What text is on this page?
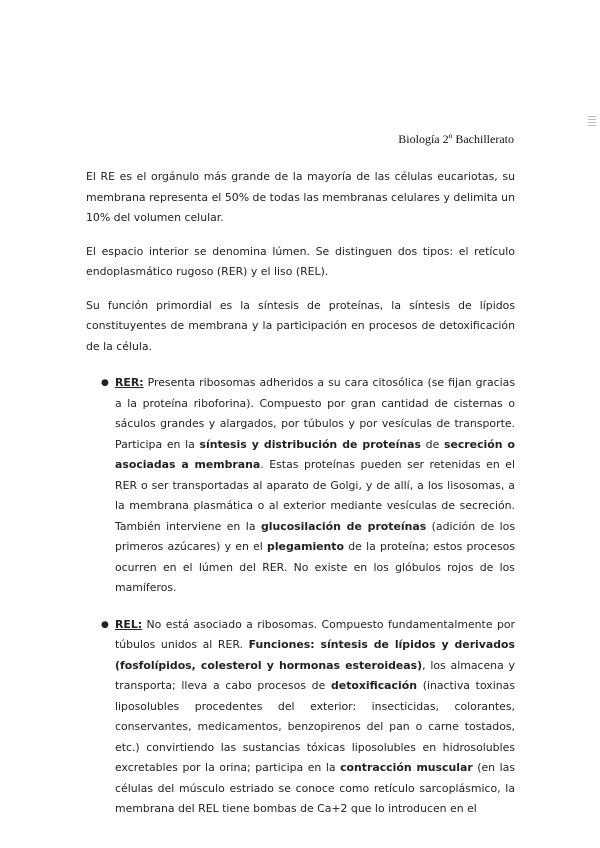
Biología 2º Bachillerato

El RE es el orgánulo más grande de la mayoría de las células eucariotas, su membrana representa el 50% de todas las membranas celulares y delimita un 10% del volumen celular.

El espacio interior se denomina lúmen. Se distinguen dos tipos: el retículo endoplasmático rugoso (RER) y el liso (REL).

Su función primordial es la síntesis de proteínas, la síntesis de lípidos constituyentes de membrana y la participación en procesos de detoxificación de la célula.

● RER: Presenta ribosomas adheridos a su cara citosólica (se fijan gracias a la proteína riboforina). Compuesto por gran cantidad de cisternas o sáculos grandes y alargados, por túbulos y por vesículas de transporte. Participa en la síntesis y distribución de proteínas de secreción o asociadas a membrana. Estas proteínas pueden ser retenidas en el RER o ser transportadas al aparato de Golgi, y de allí, a los lisosomas, a la membrana plasmática o al exterior mediante vesículas de secreción. También interviene en la glucosilación de proteínas (adición de los primeros azúcares) y en el plegamiento de la proteína; estos procesos ocurren en el lúmen del RER. No existe en los glóbulos rojos de los mamíferos.
● REL: No está asociado a ribosomas. Compuesto fundamentalmente por túbulos unidos al RER. Funciones: síntesis de lípidos y derivados (fosfolípidos, colesterol y hormonas esteroideas), los almacena y transporta; lleva a cabo procesos de detoxificación (inactiva toxinas liposolubles procedentes del exterior: insecticidas, colorantes, conservantes, medicamentos, benzopirenos del pan o carne tostados, etc.) convirtiendo las sustancias tóxicas liposolubles en hidrosolubles excretables por la orina; participa en la contracción muscular (en las células del músculo estriado se conoce como retículo sarcoplásmico, la membrana del REL tiene bombas de Ca+2 que lo introducen en el
